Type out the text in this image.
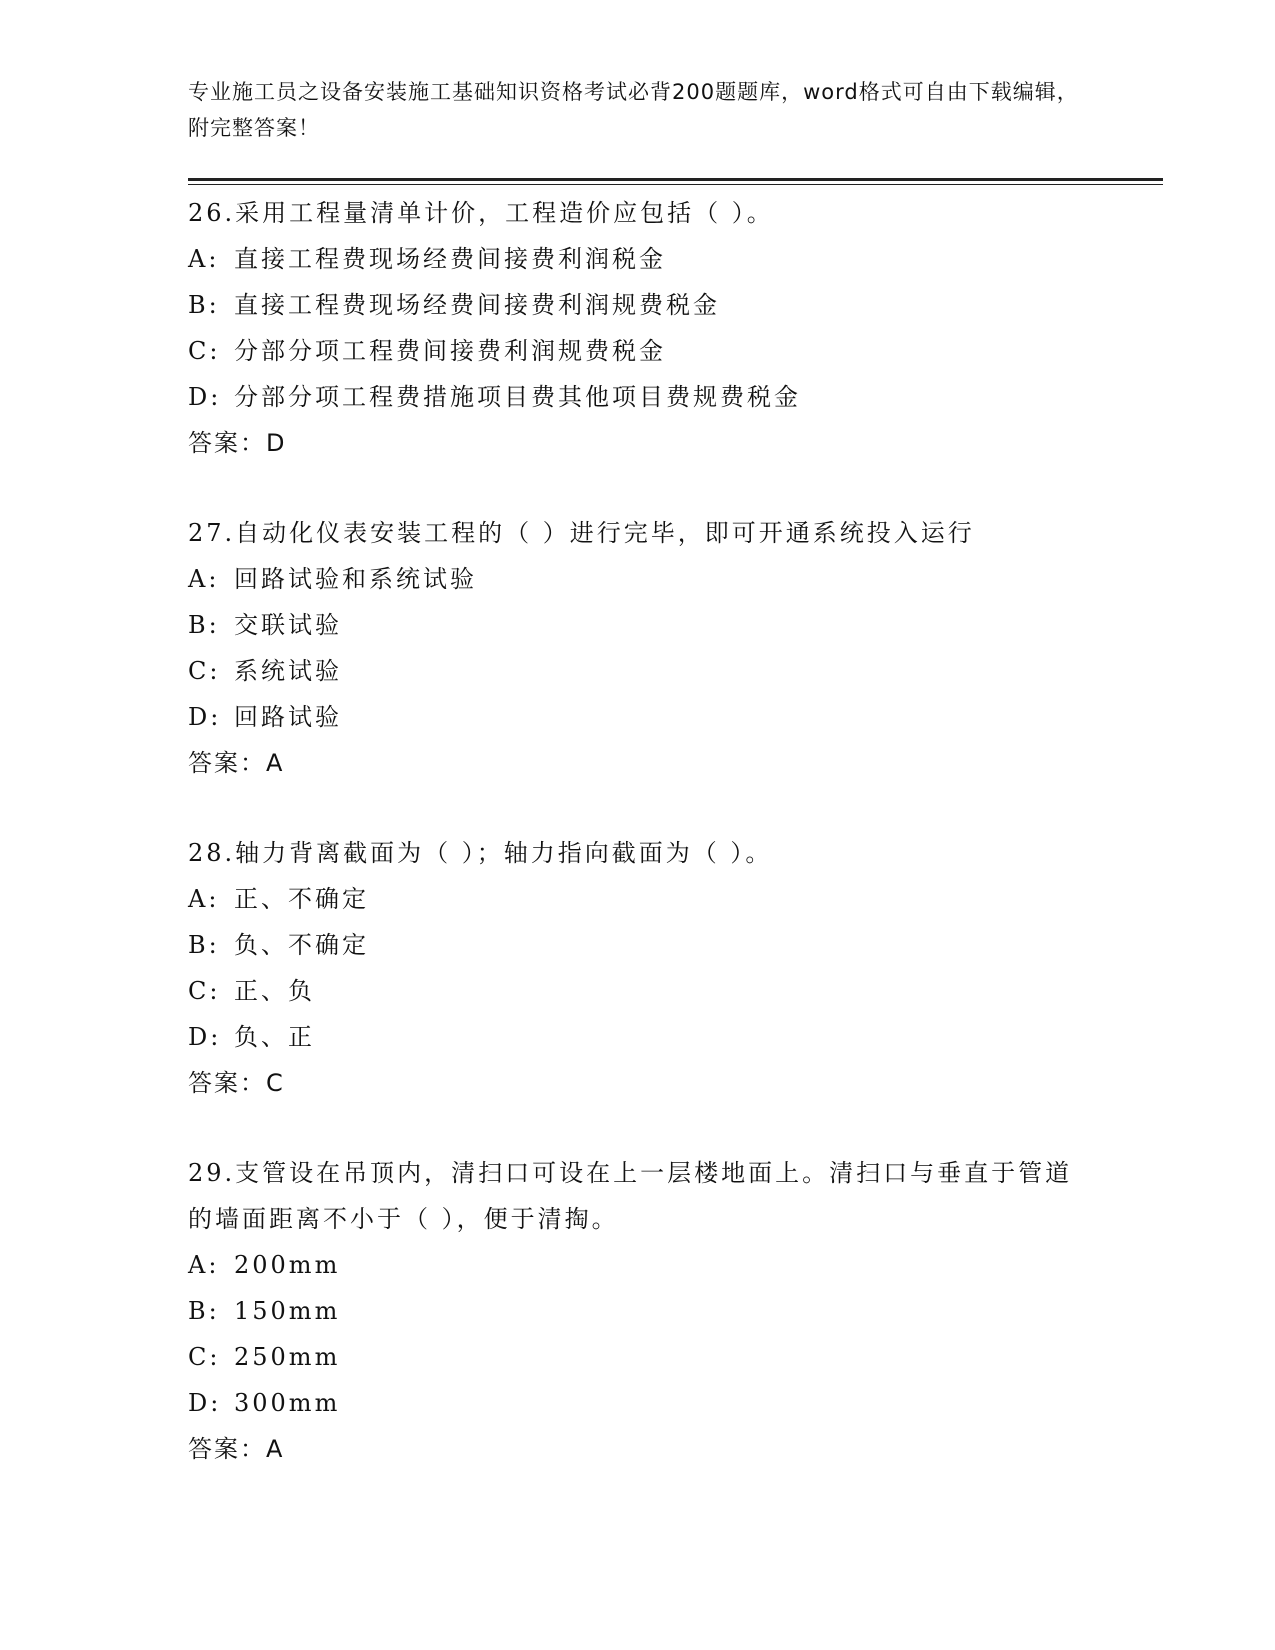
专业施工员之设备安装施工基础知识资格考试必背200题题库，word格式可自由下载编辑，附完整答案！

26.采用工程量清单计价，工程造价应包括（ ）。

A: 直接工程费现场经费间接费利润税金

B: 直接工程费现场经费间接费利润规费税金

C: 分部分项工程费间接费利润规费税金

D: 分部分项工程费措施项目费其他项目费规费税金

答案：D

27.自动化仪表安装工程的（ ）进行完毕，即可开通系统投入运行

A: 回路试验和系统试验

B: 交联试验

C: 系统试验

D: 回路试验

答案：A

28.轴力背离截面为（ ）；轴力指向截面为（ ）。

A: 正、不确定

B: 负、不确定

C: 正、负

D: 负、正

答案：C

29.支管设在吊顶内，清扫口可设在上一层楼地面上。清扫口与垂直于管道的墙面距离不小于（ ），便于清掏。

A: 200mm

B: 150mm

C: 250mm

D: 300mm

答案：A
